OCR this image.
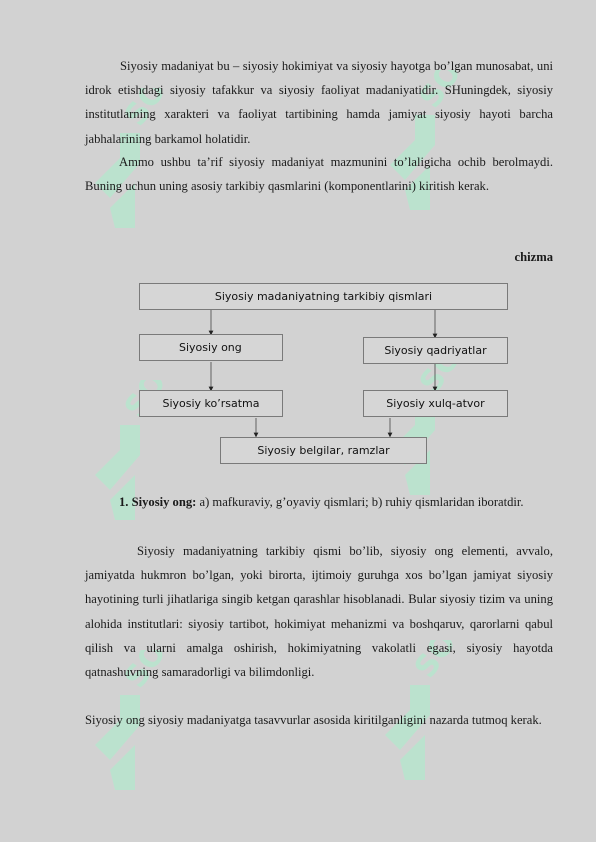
Siyosiy madaniyat bu – siyosiy hokimiyat va siyosiy hayotga bo’lgan munosabat, uni idrok etishdagi siyosiy tafakkur va siyosiy faoliyat madaniyatidir. SHuningdek, siyosiy institutlarning xarakteri va faoliyat tartibining hamda jamiyat siyosiy hayoti barcha jabhalarining barkamol holatidir.

Ammo ushbu ta’rif siyosiy madaniyat mazmunini to’laligicha ochib berolmaydi. Buning uchun uning asosiy tarkibiy qasmlarini (komponentlarini) kiritish kerak.

chizma
Siyosiy madaniyatning tarkibiy qismlari
Siyosiy ong	Siyosiy qadriyatlar
Siyosiy ko’rsatma	Siyosiy xulq-atvor
Siyosiy belgilar, ramzlar

1. Siyosiy ong: a) mafkuraviy, g’oyaviy qismlari; b) ruhiy qismlaridan iboratdir.

Siyosiy madaniyatning tarkibiy qismi bo’lib, siyosiy ong elementi, avvalo, jamiyatda hukmron bo’lgan, yoki birorta, ijtimoiy guruhga xos bo’lgan jamiyat siyosiy hayotining turli jihatlariga singib ketgan qarashlar hisoblanadi. Bular siyosiy tizim va uning alohida institutlari: siyosiy tartibot, hokimiyat mehanizmi va boshqaruv, qarorlarni qabul qilish va ularni amalga oshirish, hokimiyatning vakolatli egasi, siyosiy hayotda qatnashuvning samaradorligi va bilimdonligi.

Siyosiy ong siyosiy madaniyatga tasavvurlar asosida kiritilganligini nazarda tutmoq kerak.
